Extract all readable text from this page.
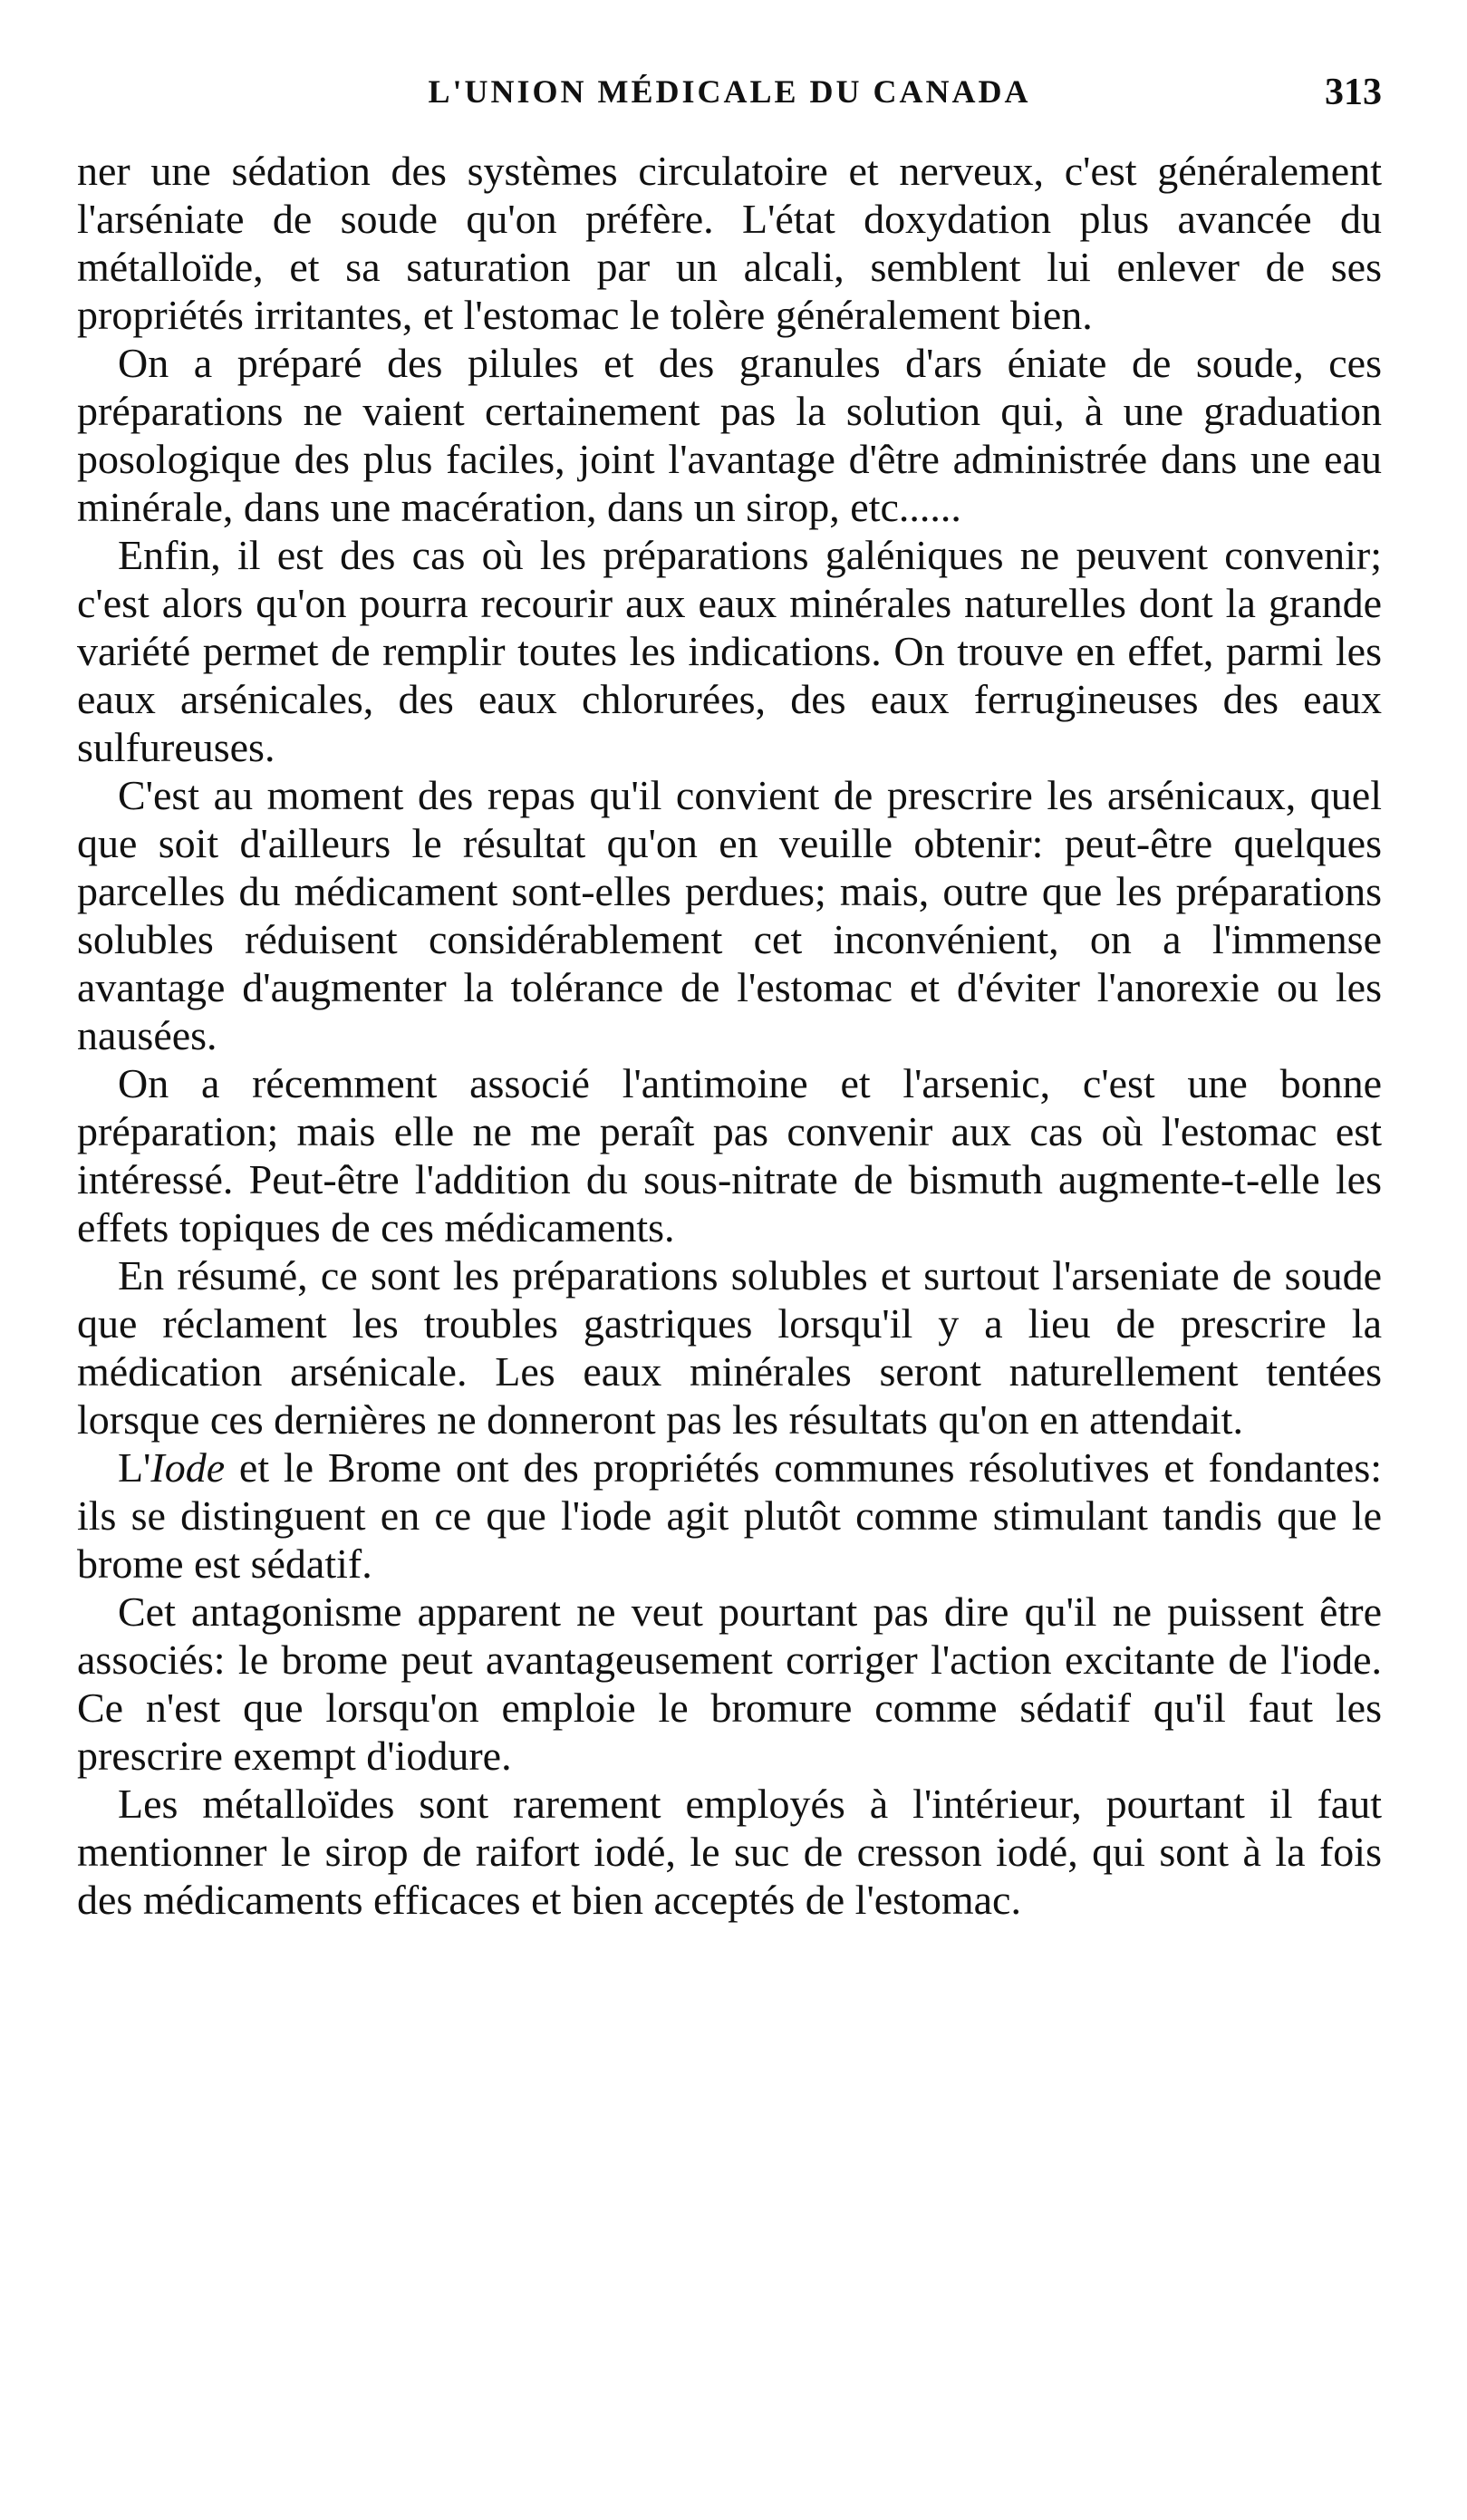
L'UNION MÉDICALE DU CANADA	313

ner une sédation des systèmes circulatoire et nerveux, c'est généralement l'arséniate de soude qu'on préfère. L'état doxydation plus avancée du métalloïde, et sa saturation par un alcali, semblent lui enlever de ses propriétés irritantes, et l'estomac le tolère généralement bien.

On a préparé des pilules et des granules d'ars éniate de soude, ces préparations ne vaient certainement pas la solution qui, à une graduation posologique des plus faciles, joint l'avantage d'être administrée dans une eau minérale, dans une macération, dans un sirop, etc......

Enfin, il est des cas où les préparations galéniques ne peuvent convenir; c'est alors qu'on pourra recourir aux eaux minérales naturelles dont la grande variété permet de remplir toutes les indications. On trouve en effet, parmi les eaux arsénicales, des eaux chlorurées, des eaux ferrugineuses des eaux sulfureuses.

C'est au moment des repas qu'il convient de prescrire les arsénicaux, quel que soit d'ailleurs le résultat qu'on en veuille obtenir: peut-être quelques parcelles du médicament sont-elles perdues; mais, outre que les préparations solubles réduisent considérablement cet inconvénient, on a l'immense avantage d'augmenter la tolérance de l'estomac et d'éviter l'anorexie ou les nausées.

On a récemment associé l'antimoine et l'arsenic, c'est une bonne préparation; mais elle ne me peraît pas convenir aux cas où l'estomac est intéressé. Peut-être l'addition du sous-nitrate de bismuth augmente-t-elle les effets topiques de ces médicaments.

En résumé, ce sont les préparations solubles et surtout l'arseniate de soude que réclament les troubles gastriques lorsqu'il y a lieu de prescrire la médication arsénicale. Les eaux minérales seront naturellement tentées lorsque ces dernières ne donneront pas les résultats qu'on en attendait.

L'Iode et le Brome ont des propriétés communes résolutives et fondantes: ils se distinguent en ce que l'iode agit plutôt comme stimulant tandis que le brome est sédatif.

Cet antagonisme apparent ne veut pourtant pas dire qu'il ne puissent être associés: le brome peut avantageusement corriger l'action excitante de l'iode. Ce n'est que lorsqu'on emploie le bromure comme sédatif qu'il faut les prescrire exempt d'iodure.

Les métalloïdes sont rarement employés à l'intérieur, pourtant il faut mentionner le sirop de raifort iodé, le suc de cresson iodé, qui sont à la fois des médicaments efficaces et bien acceptés de l'estomac.
